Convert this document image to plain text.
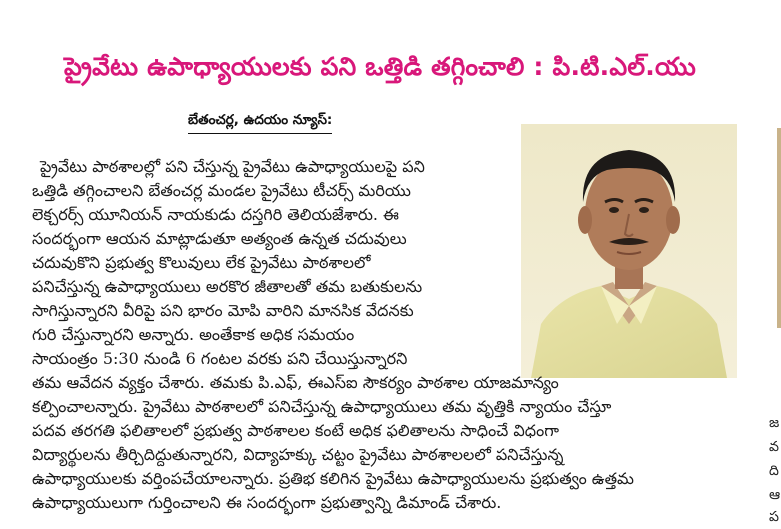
ప్రైవేటు ఉపాధ్యాయులకు పని ఒత్తిడి తగ్గించాలి : పి.టి.ఎల్.యు
బేతంచర్ల, ఉదయం న్యూస్:
ప్రైవేటు పాఠశాలల్లో పని చేస్తున్న ప్రైవేటు ఉపాధ్యాయులపై పని
ఒత్తిడి తగ్గించాలని బేతంచర్ల మండల ప్రైవేటు టీచర్స్ మరియు
లెక్చరర్స్ యూనియన్ నాయకుడు దస్తగిరి తెలియజేశారు. ఈ
సందర్భంగా ఆయన మాట్లాడుతూ అత్యంత ఉన్నత చదువులు
చదువుకొని ప్రభుత్వ కొలువులు లేక ప్రైవేటు పాఠశాలలో
పనిచేస్తున్న ఉపాధ్యాయులు అరకొర జీతాలతో తమ బతుకులను
సాగిస్తున్నారని వీరిపై పని భారం మోపి వారిని మానసిక వేదనకు
గురి చేస్తున్నారని అన్నారు. అంతేకాక అధిక సమయం
సాయంత్రం 5:30 నుండి 6 గంటల వరకు పని చేయిస్తున్నారని
తమ ఆవేదన వ్యక్తం చేశారు. తమకు పి.ఎఫ్, ఈఎస్ఐ సౌకర్యం పాఠశాల యాజమాన్యం
కల్పించాలన్నారు. ప్రైవేటు పాఠశాలలో పనిచేస్తున్న ఉపాధ్యాయులు తమ వృత్తికి న్యాయం చేస్తూ
పదవ తరగతి ఫలితాలలో ప్రభుత్వ పాఠశాలల కంటే అధిక ఫలితాలను సాధించే విధంగా
విద్యార్థులను తీర్చిదిద్దుతున్నారని, విద్యాహక్కు చట్టం ప్రైవేటు పాఠశాలలలో పనిచేస్తున్న
ఉపాధ్యాయులకు వర్తింపచేయాలన్నారు. ప్రతిభ కలిగిన ప్రైవేటు ఉపాధ్యాయులను ప్రభుత్వం ఉత్తమ
ఉపాధ్యాయులుగా గుర్తించాలని ఈ సందర్భంగా ప్రభుత్వాన్ని డిమాండ్ చేశారు.
జ
వ
ది
ఆ
ప
